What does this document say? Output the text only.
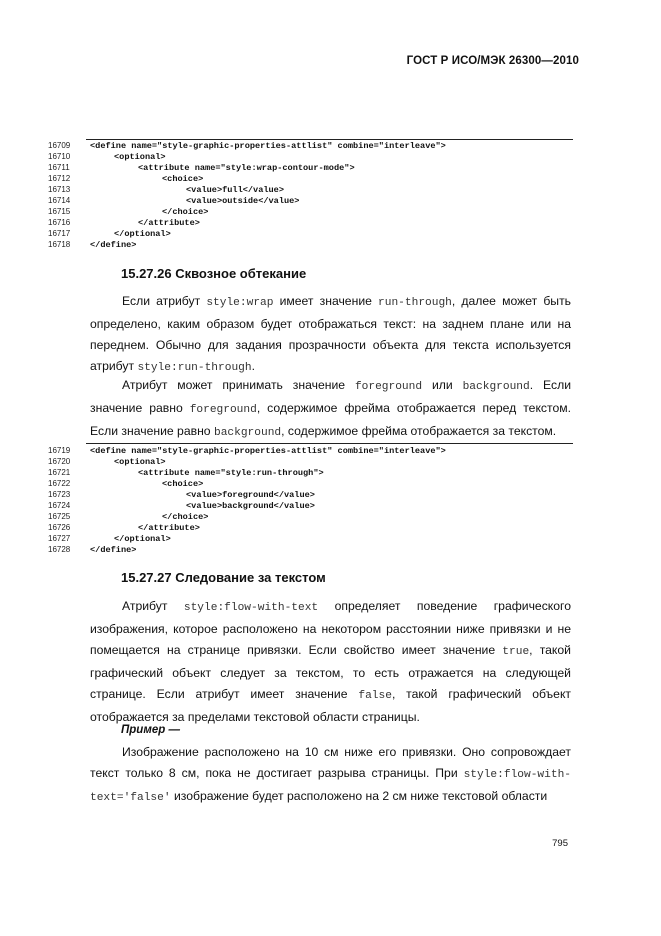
ГОСТ Р ИСО/МЭК 26300—2010
16709	<define name="style-graphic-properties-attlist" combine="interleave">
16710	<optional>
16711	<attribute name="style:wrap-contour-mode">
16712	<choice>
16713	<value>full</value>
16714	<value>outside</value>
16715	</choice>
16716	</attribute>
16717	</optional>
16718	</define>
15.27.26 Сквозное обтекание

Если атрибут style:wrap имеет значение run-through, далее может быть определено, каким образом будет отображаться текст: на заднем плане или на переднем. Обычно для задания прозрачности объекта для текста используется атрибут style:run-through.

Атрибут может принимать значение foreground или background. Если значение равно foreground, содержимое фрейма отображается перед текстом. Если значение равно background, содержимое фрейма отображается за текстом.

16719	<define name="style-graphic-properties-attlist" combine="interleave">
16720	<optional>
16721	<attribute name="style:run-through">
16722	<choice>
16723	<value>foreground</value>
16724	<value>background</value>
16725	</choice>
16726	</attribute>
16727	</optional>
16728	</define>
15.27.27 Следование за текстом

Атрибут style:flow-with-text определяет поведение графического изображения, которое расположено на некотором расстоянии ниже привязки и не помещается на странице привязки. Если свойство имеет значение true, такой графический объект следует за текстом, то есть отражается на следующей странице. Если атрибут имеет значение false, такой графический объект отображается за пределами текстовой области страницы.

Пример —

Изображение расположено на 10 см ниже его привязки. Оно сопровождает текст только 8 см, пока не достигает разрыва страницы. При style:flow-with-text='false' изображение будет расположено на 2 см ниже текстовой области

795
